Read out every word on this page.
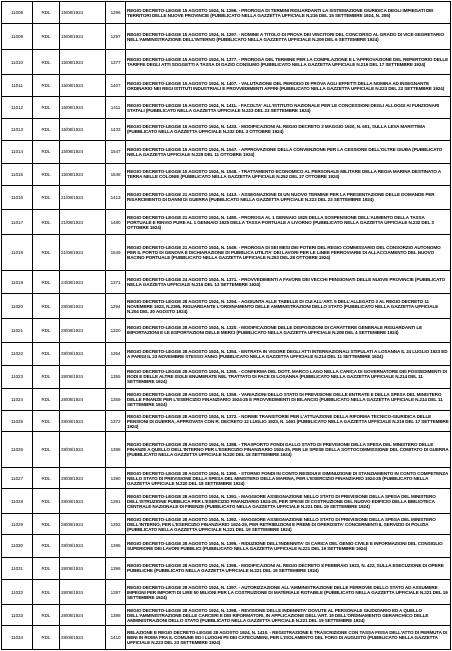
11008	RDL	15/08/1924	1296	REGIO DECRETO-LEGGE 15 AGOSTO 1924, N. 1296. - PROROGA DI TERMINI RIGUARDANTI LA SISTEMAZIONE GIURIDICA DEGLI IMPIEGATI DEI TERRITORI DELLE NUOVE PROVINCIE (PUBBLICATO NELLA GAZZETTA UFFICIALE N.216 DEL 15 SETTEMBRE 1924, N. 205)
11009	RDL	15/08/1924	1297	REGIO DECRETO-LEGGE 15 AGOSTO 1924, N. 1297. - NOMINE A TITOLO DI PROVA DEI VINCITORI DEL CONCORSO AL GRADO DI VICE-SEGRETARIO NELL'AMMINISTRAZIONE DELL'INTERNO (PUBBLICATO NELLA GAZZETTA UFFICIALE N.209 DEL 6 SETTEMBRE 1924)
11010	RDL	15/08/1924	1377	REGIO DECRETO-LEGGE 15 AGOSTO 1924, N. 1377. - PROROGA DEL TERMINE PER LA COMPILAZIONE E L'APPROVAZIONE DEL REPERTORIO DELLE TARIFFE DEGLI ATTI SOGGETTI A TASSA DI DAZIO CONSUMO (PUBBLICATO NELLA GAZZETTA UFFICIALE N.219 DEL 17 SETTEMBRE 1924)
11011	RDL	15/08/1924	1407	REGIO DECRETO-LEGGE 15 AGOSTO 1924, N. 1407. - VALUTAZIONE DEL PERIODO DI PROVA AGLI EFFETTI DELLA NOMINA AD INSEGNANTE ORDINARIO NEI REGI ISTITUTI INDUSTRIALI E PROVVEDIMENTI AFFINI (PUBBLICATO NELLA GAZZETTA UFFICIALE N.223 DEL 22 SETTEMBRE 1924)
11012	RDL	15/08/1924	1411	REGIO DECRETO-LEGGE 15 AGOSTO 1924, N. 1411. - FACOLTA' ALL'ISTITUTO NAZIONALE PER LE CONCESSIONI DEGLI ALLOGGI AI FUNZIONARI STATALI (PUBBLICATO NELLA GAZZETTA UFFICIALE N.223 DEL 23 SETTEMBRE 1924)
11013	RDL	15/08/1924	1433	REGIO DECRETO-LEGGE 15 AGOSTO 1924, N. 1433. - MODIFICAZIONI AL REGIO DECRETO 2 MAGGIO 1920, N. 601, SULLA LEVA MARITTIMA (PUBBLICATO NELLA GAZZETTA UFFICIALE N.232 DEL 3 OTTOBRE 1924)
11014	RDL	15/08/1924	1547	REGIO DECRETO-LEGGE 15 AGOSTO 1924, N. 1547. - APPROVAZIONE DELLA CONVENZIONE PER LA CESSIONE DELL'OLTRE GIUBA (PUBBLICATO NELLA GAZZETTA UFFICIALE N.229 DEL 11 OTTOBRE 1924)
11015	RDL	15/08/1924	1548	REGIO DECRETO-LEGGE 15 AGOSTO 1924, N. 1548. - TRATTAMENTO ECONOMICO AL PERSONALE MILITARE DELLA REGIA MARINA DESTINATO A TERRA NELLE COLONIE (PUBBLICATO NELLA GAZZETTA UFFICIALE N.252 DEL 27 OTTOBRE 1924)
11016	RDL	21/08/1924	1413	REGIO DECRETO-LEGGE 21 AGOSTO 1924, N. 1413. - ASSEGNAZIONE DI UN NUOVO TERMINE PER LA PRESENTAZIONE DELLE DOMANDE PER RISARCIMENTO DI DANNI DI GUERRA (PUBBLICATO NELLA GAZZETTA UFFICIALE N.223 DEL 23 SETTEMBRE 1924)
11017	RDL	21/08/1924	1480	REGIO DECRETO-LEGGE 21 AGOSTO 1924, N. 1480. - PROROGA AL 1 GENNAIO 1925 DELLA SOSPENSIONE DELL'AUMENTO DELLA TASSA PORTUALE E RINVIO PURE AL 1 GENNAIO 1925 DELLA TASSA PORTUALE A LIVORNO (PUBBLICATO NELLA GAZZETTA UFFICIALE N.232 DEL 3 OTTOBRE 1924)
11018	RDL	21/08/1924	1549	REGIO DECRETO-LEGGE 21 AGOSTO 1924, N. 1549. - PROROGA DI SEI MESI DEI POTERI DEL REGIO COMMISSARIO DEL CONSORZIO AUTONOMO PER IL PORTO DI GENOVA E DICHIARAZIONE DI PUBBLICA UTILITA' DEI LAVORI PER LE LINEE FERROVIARIE DI ALLACCIAMENTO DEL NUOVO BACINO PORTUALE (PUBBLICATO NELLA GAZZETTA UFFICIALE N.253 DEL 28 OTTOBRE 1924)
11019	RDL	24/08/1924	1371	REGIO DECRETO-LEGGE 24 AGOSTO 1924, N. 1371. - PROVVEDIMENTI A FAVORE DEI VECCHI PENSIONATI DELLE NUOVE PROVINCIE (PUBBLICATO NELLA GAZZETTA UFFICIALE N.216 DEL 13 SETTEMBRE 1924)
11020	RDL	28/08/1924	1294	REGIO DECRETO-LEGGE 28 AGOSTO 1924, N. 1294. - AGGIUNTA ALLE TABELLE DI CUI ALL'ART. 5 DELL'ALLEGATO 2 AL REGIO DECRETO 11 NOVEMBRE 1923, N.2395, RIGUARDANTE L'ORDINAMENTO DELLE AMMINISTRAZIONI DELLO STATO (PUBBLICATO NELLA GAZZETTA UFFICIALE N.204 DEL 30 AGOSTO 1924)
11021	RDL	28/08/1924	1320	REGIO DECRETO-LEGGE 28 AGOSTO 1924, N. 1320. - MODIFICAZIONE DELLE DISPOSIZIONI DI CARATTERE GENERALE RIGUARDANTI LE IMPORTAZIONI E LE ESPORTAZIONI DELLE MERCI (PUBBLICATO NELLA GAZZETTA UFFICIALE N.208 DEL 4 SETTEMBRE 1924)
11022	RDL	28/08/1924	1354	REGIO DECRETO-LEGGE 28 AGOSTO 1924, N. 1354. - ENTRATA IN VIGORE DEGLI ATTI INTERNAZIONALI STIPULATI A LOSANNA IL 24 LUGLIO 1923 ED A PARIGI IL 23 NOVEMBRE STESSO ANNO (PUBBLICATO NELLA GAZZETTA UFFICIALE N.214 DEL 11 SETTEMBRE 1924)
11023	RDL	28/08/1924	1355	REGIO DECRETO-LEGGE 28 AGOSTO 1924, N. 1355. - CONFERMA DEL DOTT. MARCO LAGO NELLA CARICA DI GOVERNATORE DEI POSSEDIMENTI DI RODI E DELLE ALTRE ISOLE ENUMERATE NEL TRATTATO DI PACE DI LOSANNA (PUBBLICATO NELLA GAZZETTA UFFICIALE N.214 DEL 11 SETTEMBRE 1924)
11024	RDL	28/08/1924	1359	REGIO DECRETO-LEGGE 28 AGOSTO 1924, N. 1359. - VARIAZIONI DELLO STATO DI PREVISIONE DELLE ENTRATE E DELLA SPESA DEL MINISTERO DELLE FINANZE PER L'ESERCIZIO FINANZIARIO 1924-25 E PROVVEDIMENTI DI BILANCIO (PUBBLICATO NELLA GAZZETTA UFFICIALE N.214 DEL 11 SETTEMBRE 1924)
11025	RDL	28/08/1924	1372	REGIO DECRETO-LEGGE 28 AGOSTO 1924, N. 1372. - NORME TRANSITORIE PER L'ATTUAZIONE DELLA RIFORMA TECNICO-GIURIDICA DELLE PENSIONI DI GUERRA, APPROVATA CON R. DECRETO 12 LUGLIO 1923, N. 1491 (PUBBLICATO NELLA GAZZETTA UFFICIALE N.219 DEL 17 SETTEMBRE 1924)
11026	RDL	28/08/1924	1388	REGIO DECRETO-LEGGE 28 AGOSTO 1924, N. 1388. - TRASPORTO FONDI DALLO STATO DI PREVISIONE DELLA SPESA DEL MINISTERO DELLE FINANZE A QUELLO DELL'INTERNO PER L'ESERCIZIO FINANZIARIO 1924-25, PER LE SPESE DELLA SOTTOCOMMISSIONE DEL COMITATO DI GUERRA (PUBBLICATO NELLA GAZZETTA UFFICIALE N.220 DEL 18 SETTEMBRE 1924)
11027	RDL	28/08/1924	1390	REGIO DECRETO-LEGGE 28 AGOSTO 1924, N. 1390. - STORNO FONDI IN CONTO RESIDUI E DIMINUZIONE DI STANZIAMENTO IN CONTO COMPETENZA NELLO STATO DI PREVISIONE DELLA SPESA DEL MINISTERO DELLA MARINA, PER L'ESERCIZIO FINANZIARIO 1924-25 (PUBBLICATO NELLA GAZZETTA UFFICIALE N.220 DEL 18 SETTEMBRE 1924)
11028	RDL	28/08/1924	1391	REGIO DECRETO-LEGGE 28 AGOSTO 1924, N. 1391. - MAGGIORE ASSEGNAZIONE NELLO STATO DI PREVISIONE DELLA SPESA DEL MINISTERO DELL'ISTRUZIONE PUBBLICA PER L'ESERCIZIO FINANZIARIO 1924-25, PER SPESE DI COSTRUZIONE DEL NUOVO EDIFICIO DELLA BIBLIOTECA CENTRALE NAZIONALE DI FIRENZE (PUBBLICATO NELLA GAZZETTA UFFICIALE N.221 DEL 19 SETTEMBRE 1924)
11029	RDL	28/08/1924	1392	REGIO DECRETO-LEGGE 28 AGOSTO 1924, N. 1392. - MAGGIORE ASSEGNAZIONE NELLO STATO DI PREVISIONE DELLA SPESA DEL MINISTERO DELL'INTERNO, PER L'ESERCIZIO FINANZIARIO 1924-25, PER RETRIBUZIONI E PREMI DI OPEROSITA' CONCERNENTI IL SERVIZIO DI POLIZIA (PUBBLICATO NELLA GAZZETTA UFFICIALE N.221 DEL 19 SETTEMBRE 1924)
11030	RDL	28/08/1924	1395	REGIO DECRETO-LEGGE 28 AGOSTO 1924, N. 1395. - RIDUZIONE DELL'INDENNITA' DI CARICA DEL GENIO CIVILE E INFORMAZIONI DEL CONSIGLIO SUPERIORE DEI LAVORI PUBBLICI (PUBBLICATO NELLA GAZZETTA UFFICIALE N.221 DEL 19 SETTEMBRE 1924)
11031	RDL	28/08/1924	1396	REGIO DECRETO-LEGGE 28 AGOSTO 1924, N. 1396. - MODIFICAZIONI AL REGIO DECRETO 8 FEBBRAIO 1923, N. 422, SULLA ESECUZIONE DI OPERE PUBBLICHE (PUBBLICATO NELLA GAZZETTA UFFICIALE N.221 DEL 19 SETTEMBRE 1924)
11032	RDL	28/08/1924	1397	REGIO DECRETO-LEGGE 28 AGOSTO 1924, N. 1397. - AUTORIZZAZIONE ALL'AMMINISTRAZIONE DELLE FERROVIE DELLO STATO AD ASSUMERE IMPEGNI PER IMPORTI DI LIRE 50 MILIONI PER LA COSTRUZIONE DI MATERIALE ROTABILE (PUBBLICATO NELLA GAZZETTA UFFICIALE N.221 DEL 19 SETTEMBRE 1924)
11033	RDL	28/08/1924	1398	REGIO DECRETO-LEGGE 28 AGOSTO 1924, N. 1398. - REVISIONE DELLE INDENNITA' DOVUTE AL PERSONALE GIUDIZIARIO ED A QUELLO DELL'AMMINISTRAZIONE DELLE CARCERI E DEI RIFORMATORI, IN APPLICAZIONE DELL'ART. 19 DELL'ORDINAMENTO GERARCHICO DELLE AMMINISTRAZIONI DELLO STATO (PUBBLICATO NELLA GAZZETTA UFFICIALE N.221 DEL 19 SETTEMBRE 1924)
11034	RDL	28/08/1924	1410	RELAZIONE E REGIO DECRETO-LEGGE 28 AGOSTO 1924, N. 1410. - REGISTRAZIONE E TRASCRIZIONE CON TASSA FISSA DELL'ATTO DI PERMUTA DI BENI IN ROMA FRA IL COMUNE ED I LUOGHI PII DEI CATECUMENI, PER L'ISOLAMENTO DEL FORO DI AUGUSTO (PUBBLICATO NELLA GAZZETTA UFFICIALE N.223 DEL 23 SETTEMBRE 1924)
